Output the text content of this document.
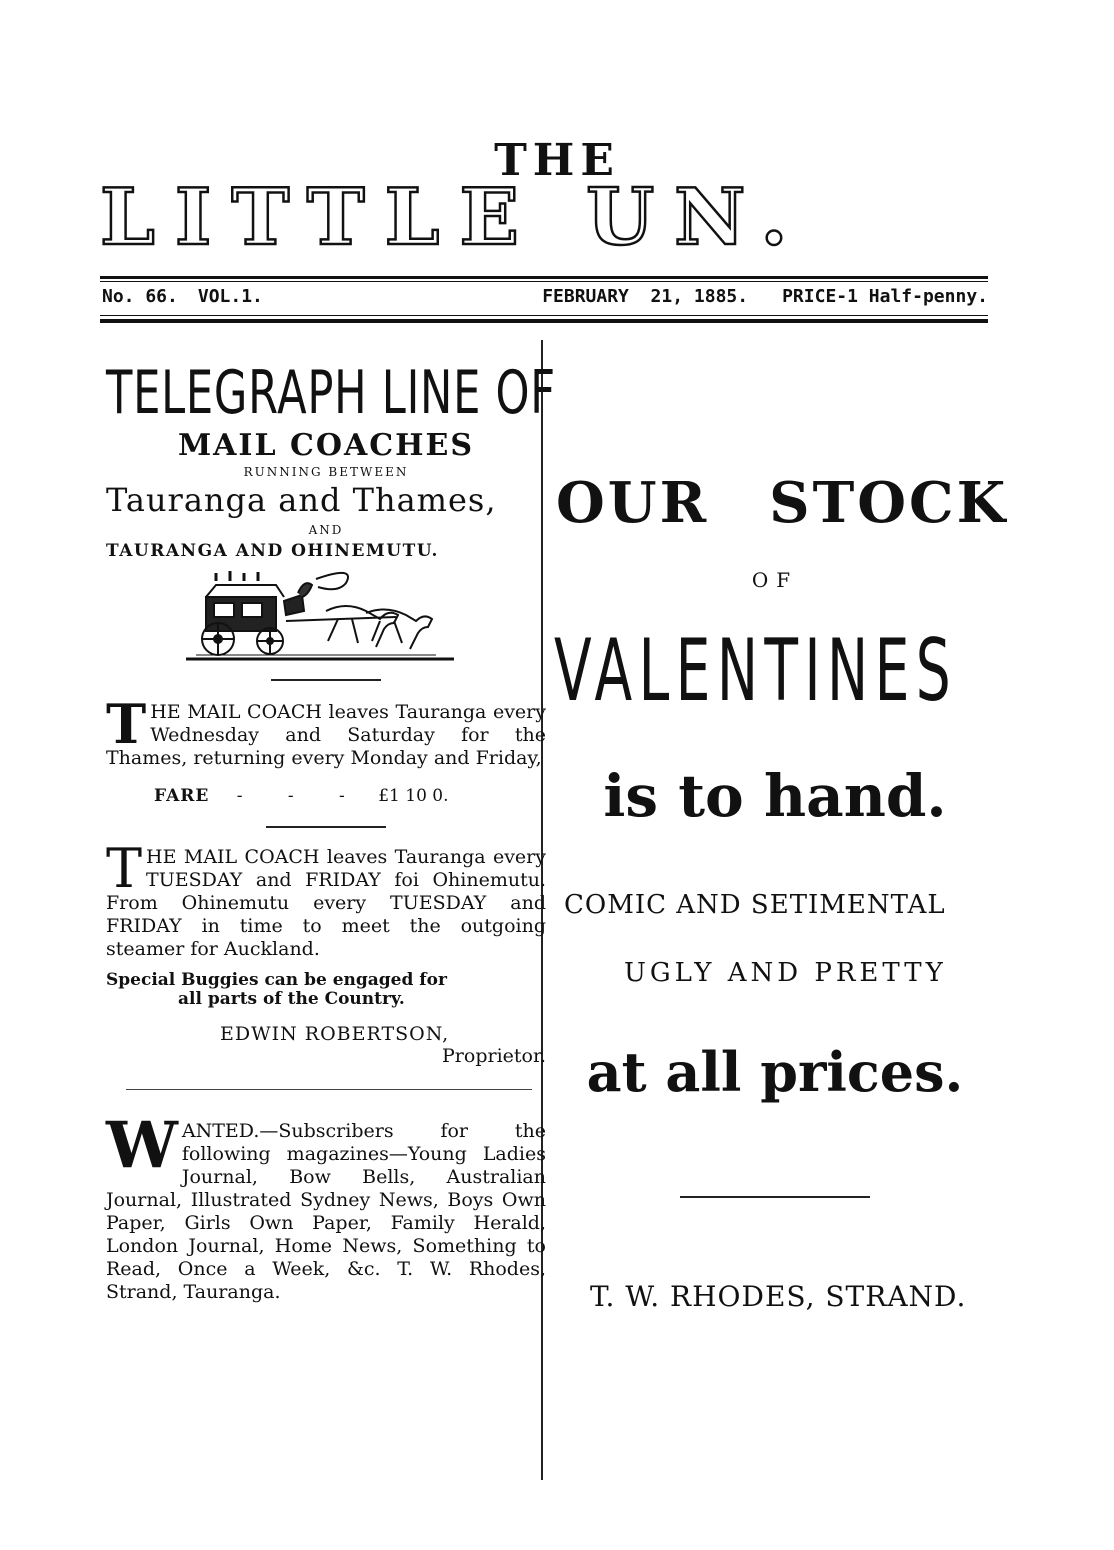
THE
LITTLE UN.
No. 66. VOL.1.	FEBRUARY  21, 1885. PRICE-1 Half-penny.
TELEGRAPH LINE OF
MAIL COACHES
RUNNING BETWEEN
Tauranga and Thames,
AND
TAURANGA AND OHINEMUTU.
T HE MAIL COACH leaves Tauranga every Wednesday and Saturday for the Thames, returning every Monday and Friday,
FARE - - - £1 10 0.
T HE MAIL COACH leaves Tauranga every TUESDAY and FRIDAY foi Ohinemutu. From Ohinemutu every TUESDAY and FRIDAY in time to meet the outgoing steamer for Auckland.
Special Buggies can be engaged for
all parts of the Country.
EDWIN ROBERTSON,
Proprietor.
W ANTED.—Subscribers for the following magazines—Young Ladies Journal, Bow Bells, Australian Journal, Illustrated Sydney News, Boys Own Paper, Girls Own Paper, Family Herald, London Journal, Home News, Something to Read, Once a Week, &c. T. W. Rhodes, Strand, Tauranga.
OUR STOCK
OF
VALENTINES
is to hand.
COMIC AND SETIMENTAL
UGLY AND PRETTY
at all prices.
T. W. RHODES, STRAND.
